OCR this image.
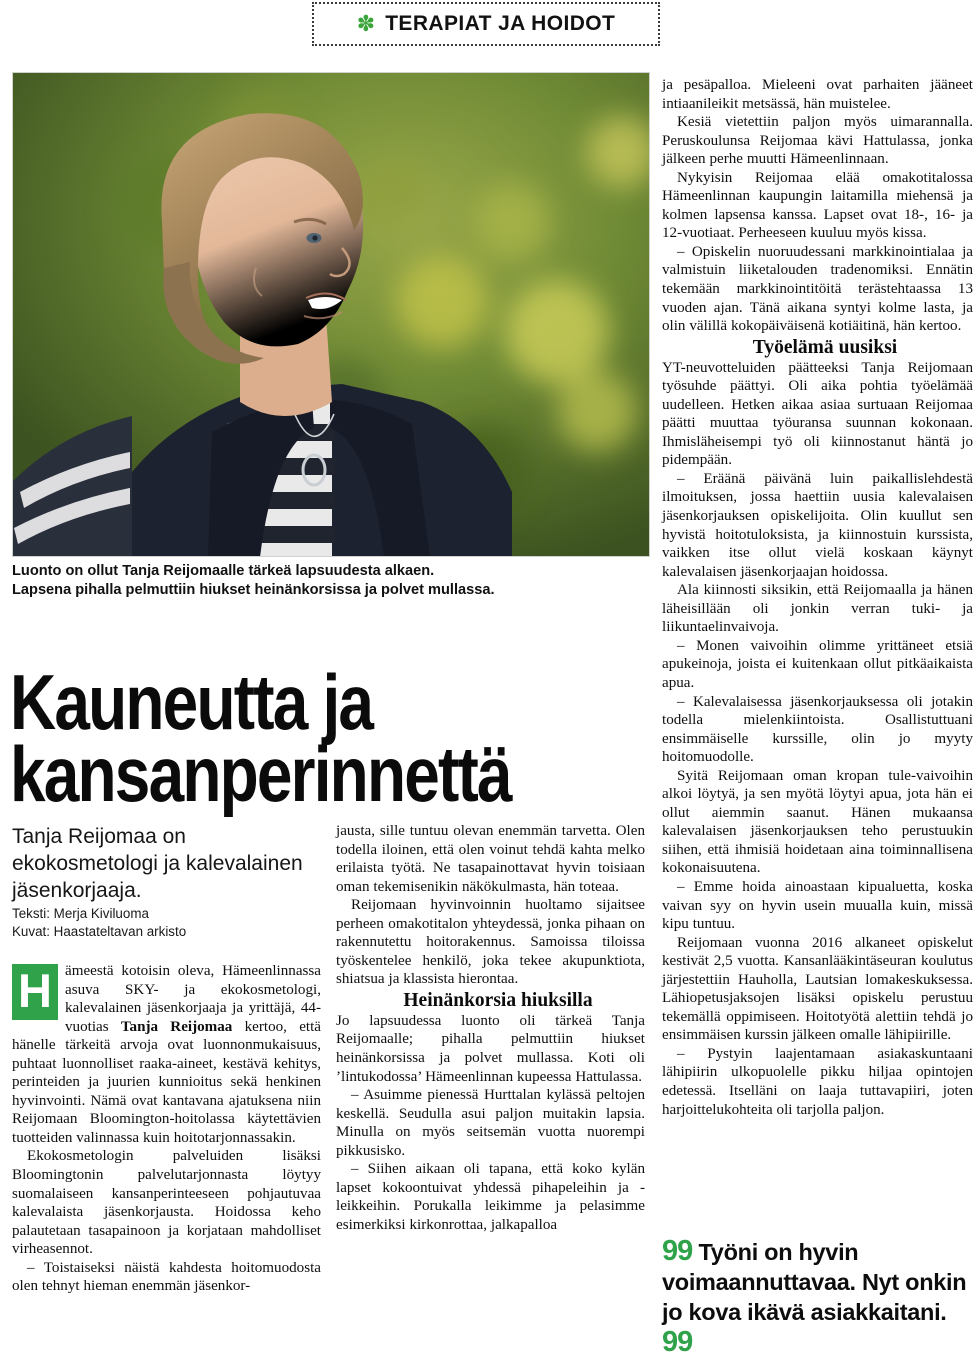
✽ TERAPIAT JA HOIDOT
Luonto on ollut Tanja Reijomaalle tärkeä lapsuudesta alkaen.
Lapsena pihalla pelmuttiin hiukset heinänkorsissa ja polvet mullassa.
Kauneutta ja
kansanperinnettä
Tanja Reijomaa on ekokosmetologi ja kalevalainen jäsenkorjaaja.
Teksti: Merja Kiviluoma
Kuvat: Haastateltavan arkisto

H ämeestä kotoisin oleva, Hämeenlinnassa asuva SKY- ja ekokosmetologi, kalevalainen jäsenkorjaaja ja yrittäjä, 44-vuotias Tanja Reijomaa kertoo, että hänelle tärkeitä arvoja ovat luonnonmukaisuus, puhtaat luonnolliset raaka-aineet, kestävä kehitys, perinteiden ja juurien kunnioitus sekä henkinen hyvinvointi. Nämä ovat kantavana ajatuksena niin Reijomaan Bloomington-hoitolassa käytettävien tuotteiden valinnassa kuin hoitotarjonnassakin.

Ekokosmetologin palveluiden lisäksi Bloomingtonin palvelutarjonnasta löytyy suomalaiseen kansanperinteeseen pohjautuvaa kalevalaista jäsenkorjausta. Hoidossa keho palautetaan tasapainoon ja korjataan mahdolliset virheasennot.

– Toistaiseksi näistä kahdesta hoitomuodosta olen tehnyt hieman enemmän jäsenkor-

jausta, sille tuntuu olevan enemmän tarvetta. Olen todella iloinen, että olen voinut tehdä kahta melko erilaista työtä. Ne tasapainottavat hyvin toisiaan oman tekemisenikin näkökulmasta, hän toteaa.

Reijomaan hyvinvoinnin huoltamo sijaitsee perheen omakotitalon yhteydessä, jonka pihaan on rakennutettu hoitorakennus. Samoissa tiloissa työskentelee henkilö, joka tekee akupunktiota, shiatsua ja klassista hierontaa.

Heinänkorsia hiuksilla

Jo lapsuudessa luonto oli tärkeä Tanja Reijomaalle; pihalla pelmuttiin hiukset heinänkorsissa ja polvet mullassa. Koti oli ’lintukodossa’ Hämeenlinnan kupeessa Hattulassa.

– Asuimme pienessä Hurttalan kylässä peltojen keskellä. Seudulla asui paljon muitakin lapsia. Minulla on myös seitsemän vuotta nuorempi pikkusisko.

– Siihen aikaan oli tapana, että koko kylän lapset kokoontuivat yhdessä pihapeleihin ja -leikkeihin. Porukalla leikimme ja pelasimme esimerkiksi kirkonrottaa, jalkapalloa

ja pesäpalloa. Mieleeni ovat parhaiten jääneet intiaanileikit metsässä, hän muistelee.

Kesiä vietettiin paljon myös uimarannalla. Peruskoulunsa Reijomaa kävi Hattulassa, jonka jälkeen perhe muutti Hämeenlinnaan.

Nykyisin Reijomaa elää omakotitalossa Hämeenlinnan kaupungin laitamilla miehensä ja kolmen lapsensa kanssa. Lapset ovat 18-, 16- ja 12-vuotiaat. Perheeseen kuuluu myös kissa.

– Opiskelin nuoruudessani markkinointialaa ja valmistuin liiketalouden tradenomiksi. Ennätin tekemään markkinointitöitä terästehtaassa 13 vuoden ajan. Tänä aikana syntyi kolme lasta, ja olin välillä kokopäiväisenä kotiäitinä, hän kertoo.

Työelämä uusiksi

YT-neuvotteluiden päätteeksi Tanja Reijomaan työsuhde päättyi. Oli aika pohtia työelämää uudelleen. Hetken aikaa asiaa surtuaan Reijomaa päätti muuttaa työuransa suunnan kokonaan. Ihmisläheisempi työ oli kiinnostanut häntä jo pidempään.

– Eräänä päivänä luin paikallislehdestä ilmoituksen, jossa haettiin uusia kalevalaisen jäsenkorjauksen opiskelijoita. Olin kuullut sen hyvistä hoitotuloksista, ja kiinnostuin kurssista, vaikken itse ollut vielä koskaan käynyt kalevalaisen jäsenkorjaajan hoidossa.

Ala kiinnosti siksikin, että Reijomaalla ja hänen läheisillään oli jonkin verran tuki- ja liikuntaelinvaivoja.

– Monen vaivoihin olimme yrittäneet etsiä apukeinoja, joista ei kuitenkaan ollut pitkäaikaista apua.

– Kalevalaisessa jäsenkorjauksessa oli jotakin todella mielenkiintoista. Osallistuttuani ensimmäiselle kurssille, olin jo myyty hoitomuodolle.

Syitä Reijomaan oman kropan tule-vaivoihin alkoi löytyä, ja sen myötä löytyi apua, jota hän ei ollut aiemmin saanut. Hänen mukaansa kalevalaisen jäsenkorjauksen teho perustuukin siihen, että ihmisiä hoidetaan aina toiminnallisena kokonaisuutena.

– Emme hoida ainoastaan kipualuetta, koska vaivan syy on hyvin usein muualla kuin, missä kipu tuntuu.

Reijomaan vuonna 2016 alkaneet opiskelut kestivät 2,5 vuotta. Kansanlääkintäseuran koulutus järjestettiin Hauholla, Lautsian lomakeskuksessa. Lähiopetusjaksojen lisäksi opiskelu perustuu tekemällä oppimiseen. Hoitotyötä alettiin tehdä jo ensimmäisen kurssin jälkeen omalle lähipiirille.

– Pystyin laajentamaan asiakaskuntaani lähipiirin ulkopuolelle pikku hiljaa opintojen edetessä. Itselläni on laaja tuttavapiiri, joten harjoittelukohteita oli tarjolla paljon.

99 Työni on hyvin voimaannuttavaa. Nyt onkin jo kova ikävä asiakkaitani. 99
